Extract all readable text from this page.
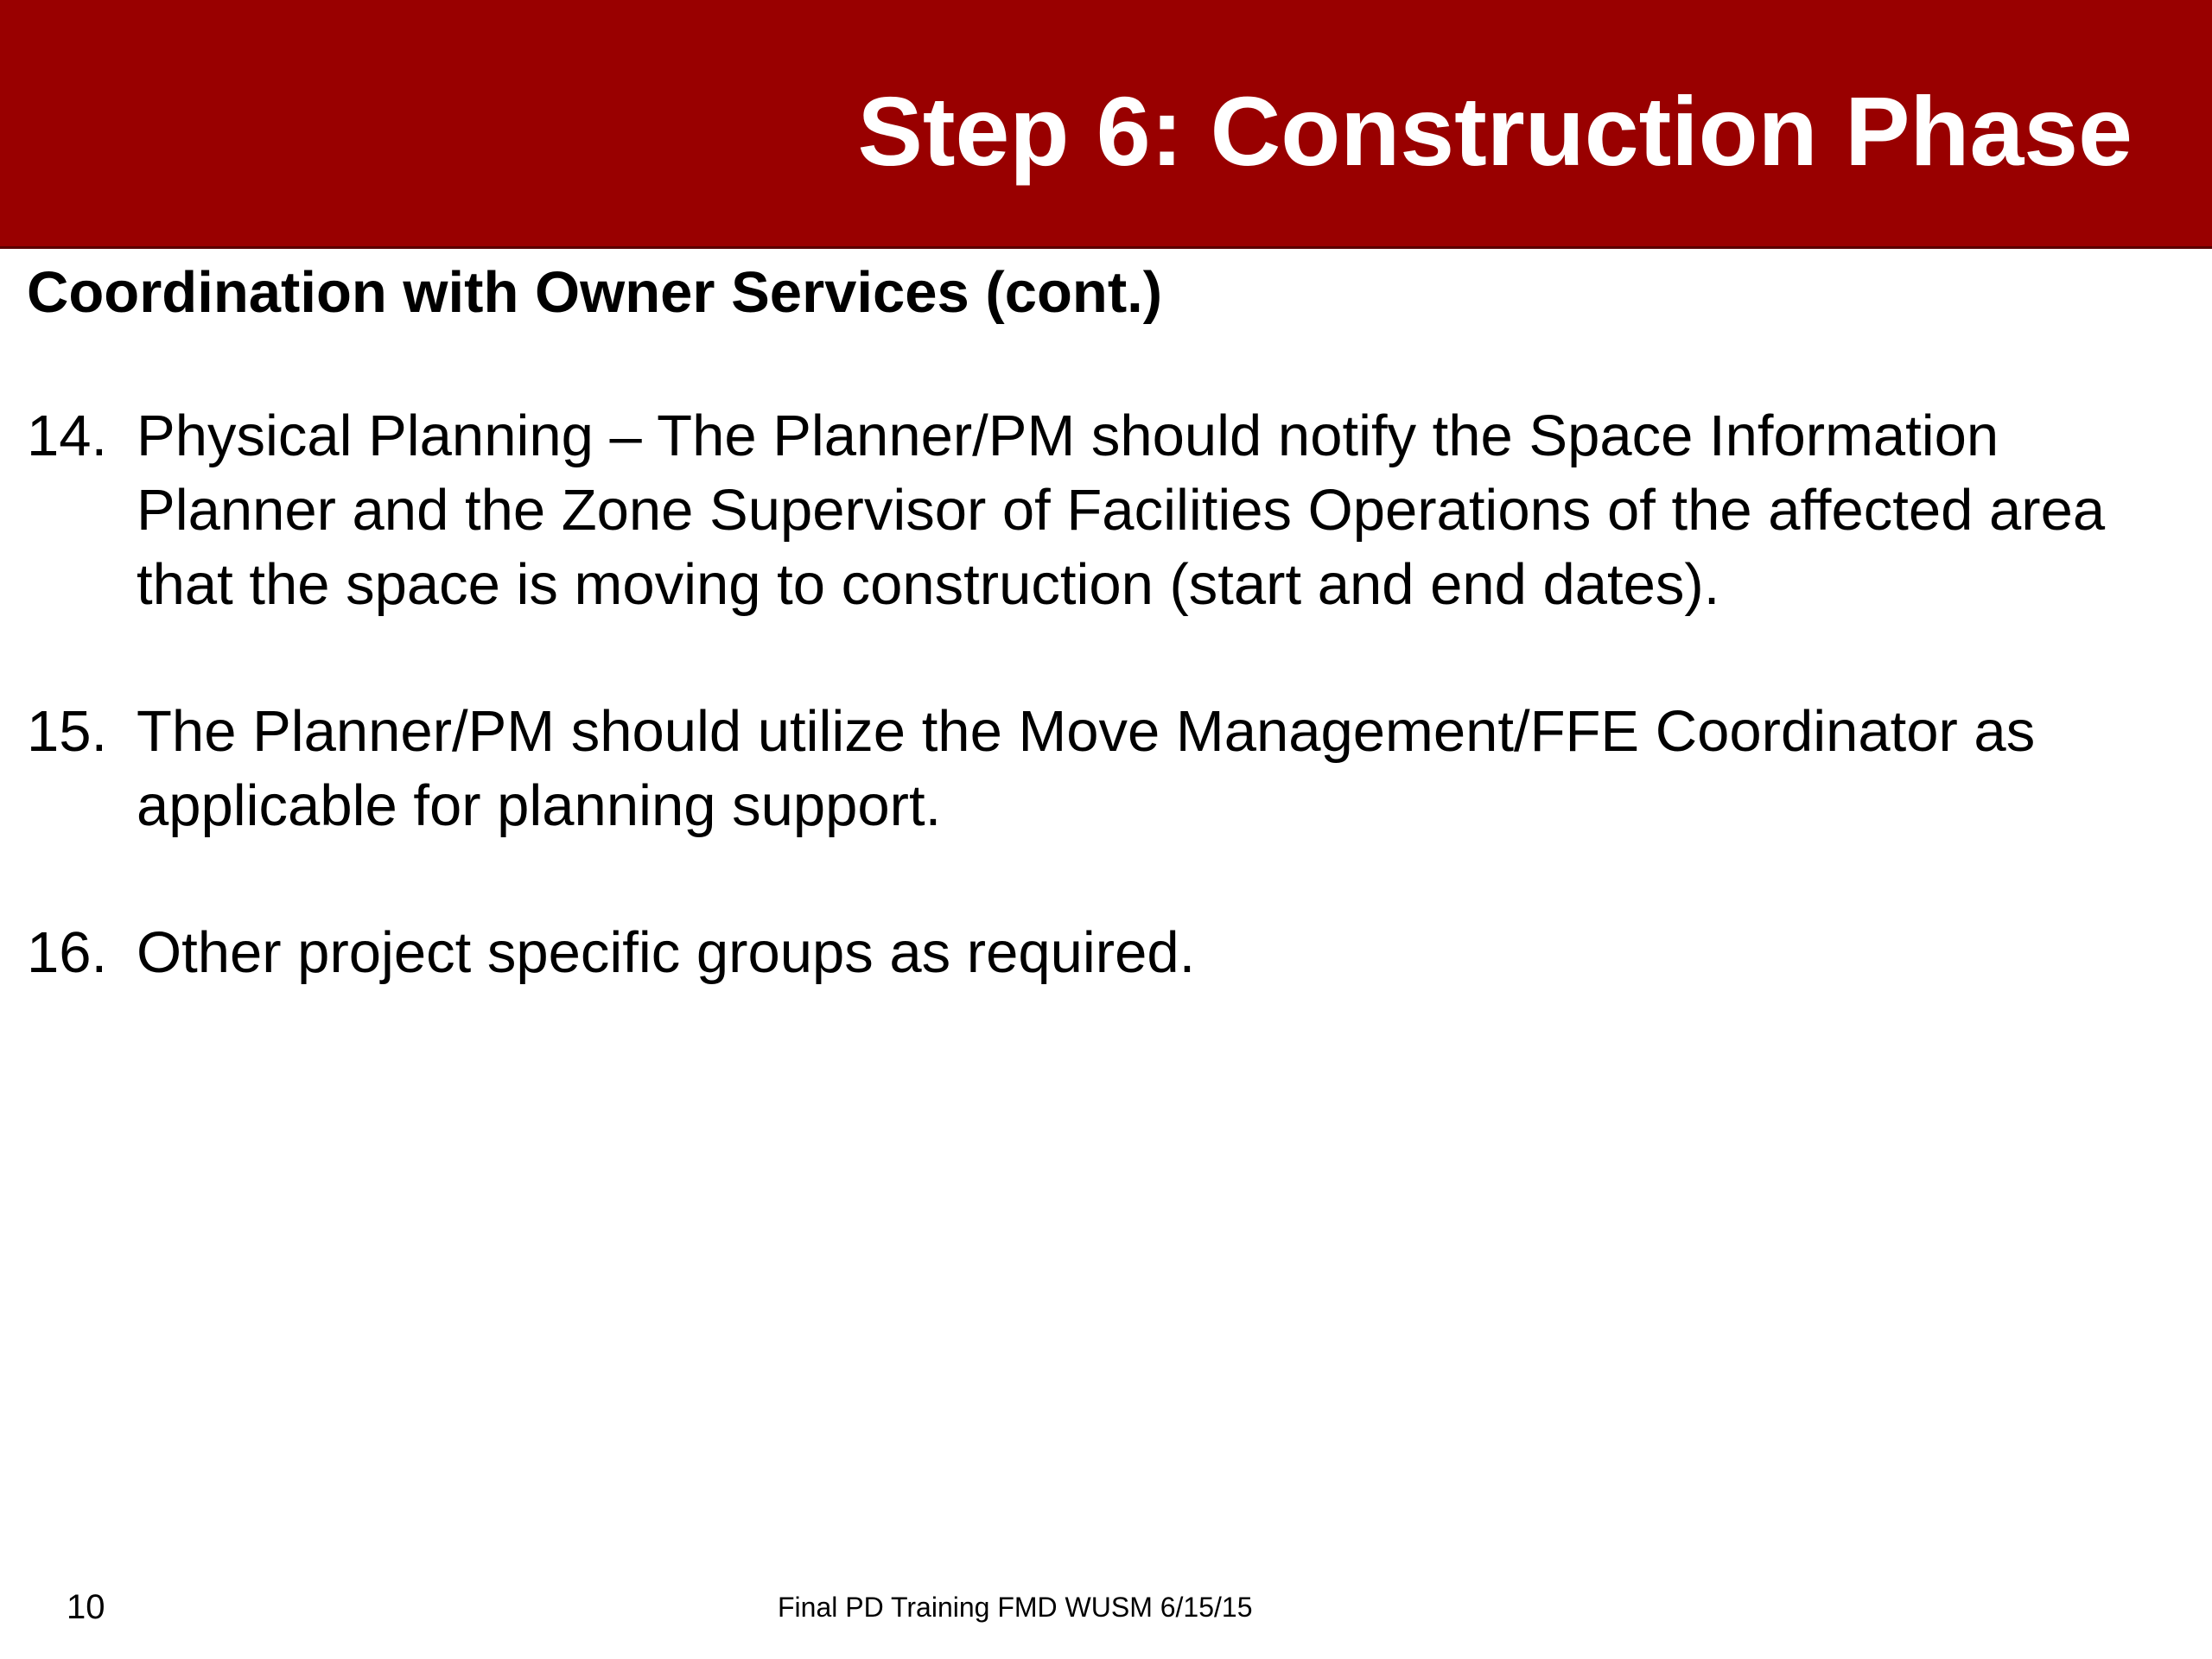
Step 6: Construction Phase
Coordination with Owner Services (cont.)
14. Physical Planning – The Planner/PM should notify the Space Information Planner and the Zone Supervisor of Facilities Operations of the affected area that the space is moving to construction (start and end dates).
15. The Planner/PM should utilize the Move Management/FFE Coordinator as applicable for planning support.
16. Other project specific groups as required.
10	Final PD Training FMD WUSM 6/15/15
